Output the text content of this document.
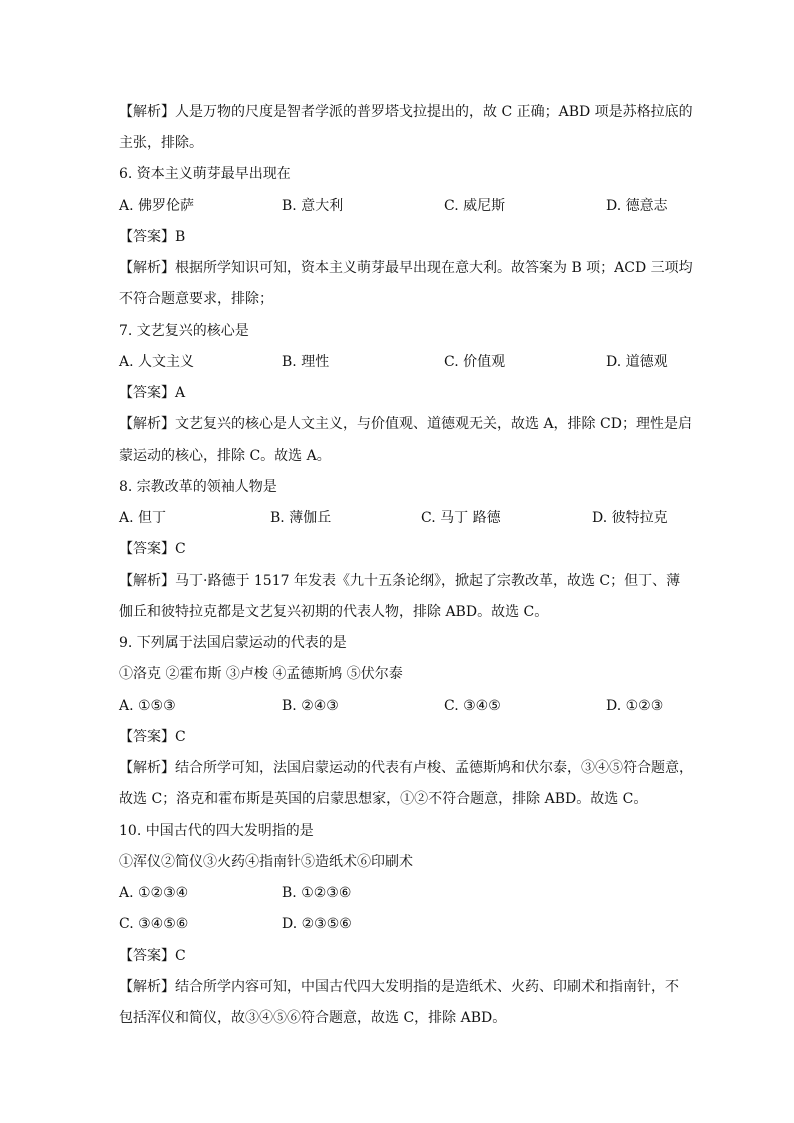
【解析】人是万物的尺度是智者学派的普罗塔戈拉提出的，故 C 正确；ABD 项是苏格拉底的
主张，排除。
6. 资本主义萌芽最早出现在
A. 佛罗伦萨	B. 意大利	C. 威尼斯	D. 德意志
【答案】B
【解析】根据所学知识可知，资本主义萌芽最早出现在意大利。故答案为 B 项；ACD 三项均
不符合题意要求，排除；
7. 文艺复兴的核心是
A. 人文主义	B. 理性	C. 价值观	D. 道德观
【答案】A
【解析】文艺复兴的核心是人文主义，与价值观、道德观无关，故选 A，排除 CD；理性是启
蒙运动的核心，排除 C。故选 A。
8. 宗教改革的领袖人物是
A. 但丁	B. 薄伽丘	C. 马丁 路德	D. 彼特拉克
【答案】C
【解析】马丁·路德于 1517 年发表《九十五条论纲》，掀起了宗教改革，故选 C；但丁、薄
伽丘和彼特拉克都是文艺复兴初期的代表人物，排除 ABD。故选 C。
9. 下列属于法国启蒙运动的代表的是
①洛克 ②霍布斯 ③卢梭 ④孟德斯鸠 ⑤伏尔泰
A. ①⑤③	B. ②④③	C. ③④⑤	D. ①②③
【答案】C
【解析】结合所学可知，法国启蒙运动的代表有卢梭、孟德斯鸠和伏尔泰，③④⑤符合题意，
故选 C；洛克和霍布斯是英国的启蒙思想家，①②不符合题意，排除 ABD。故选 C。
10. 中国古代的四大发明指的是
①浑仪②简仪③火药④指南针⑤造纸术⑥印刷术
A. ①②③④	B. ①②③⑥
C. ③④⑤⑥	D. ②③⑤⑥
【答案】C
【解析】结合所学内容可知，中国古代四大发明指的是造纸术、火药、印刷术和指南针，不
包括浑仪和简仪，故③④⑤⑥符合题意，故选 C，排除 ABD。
